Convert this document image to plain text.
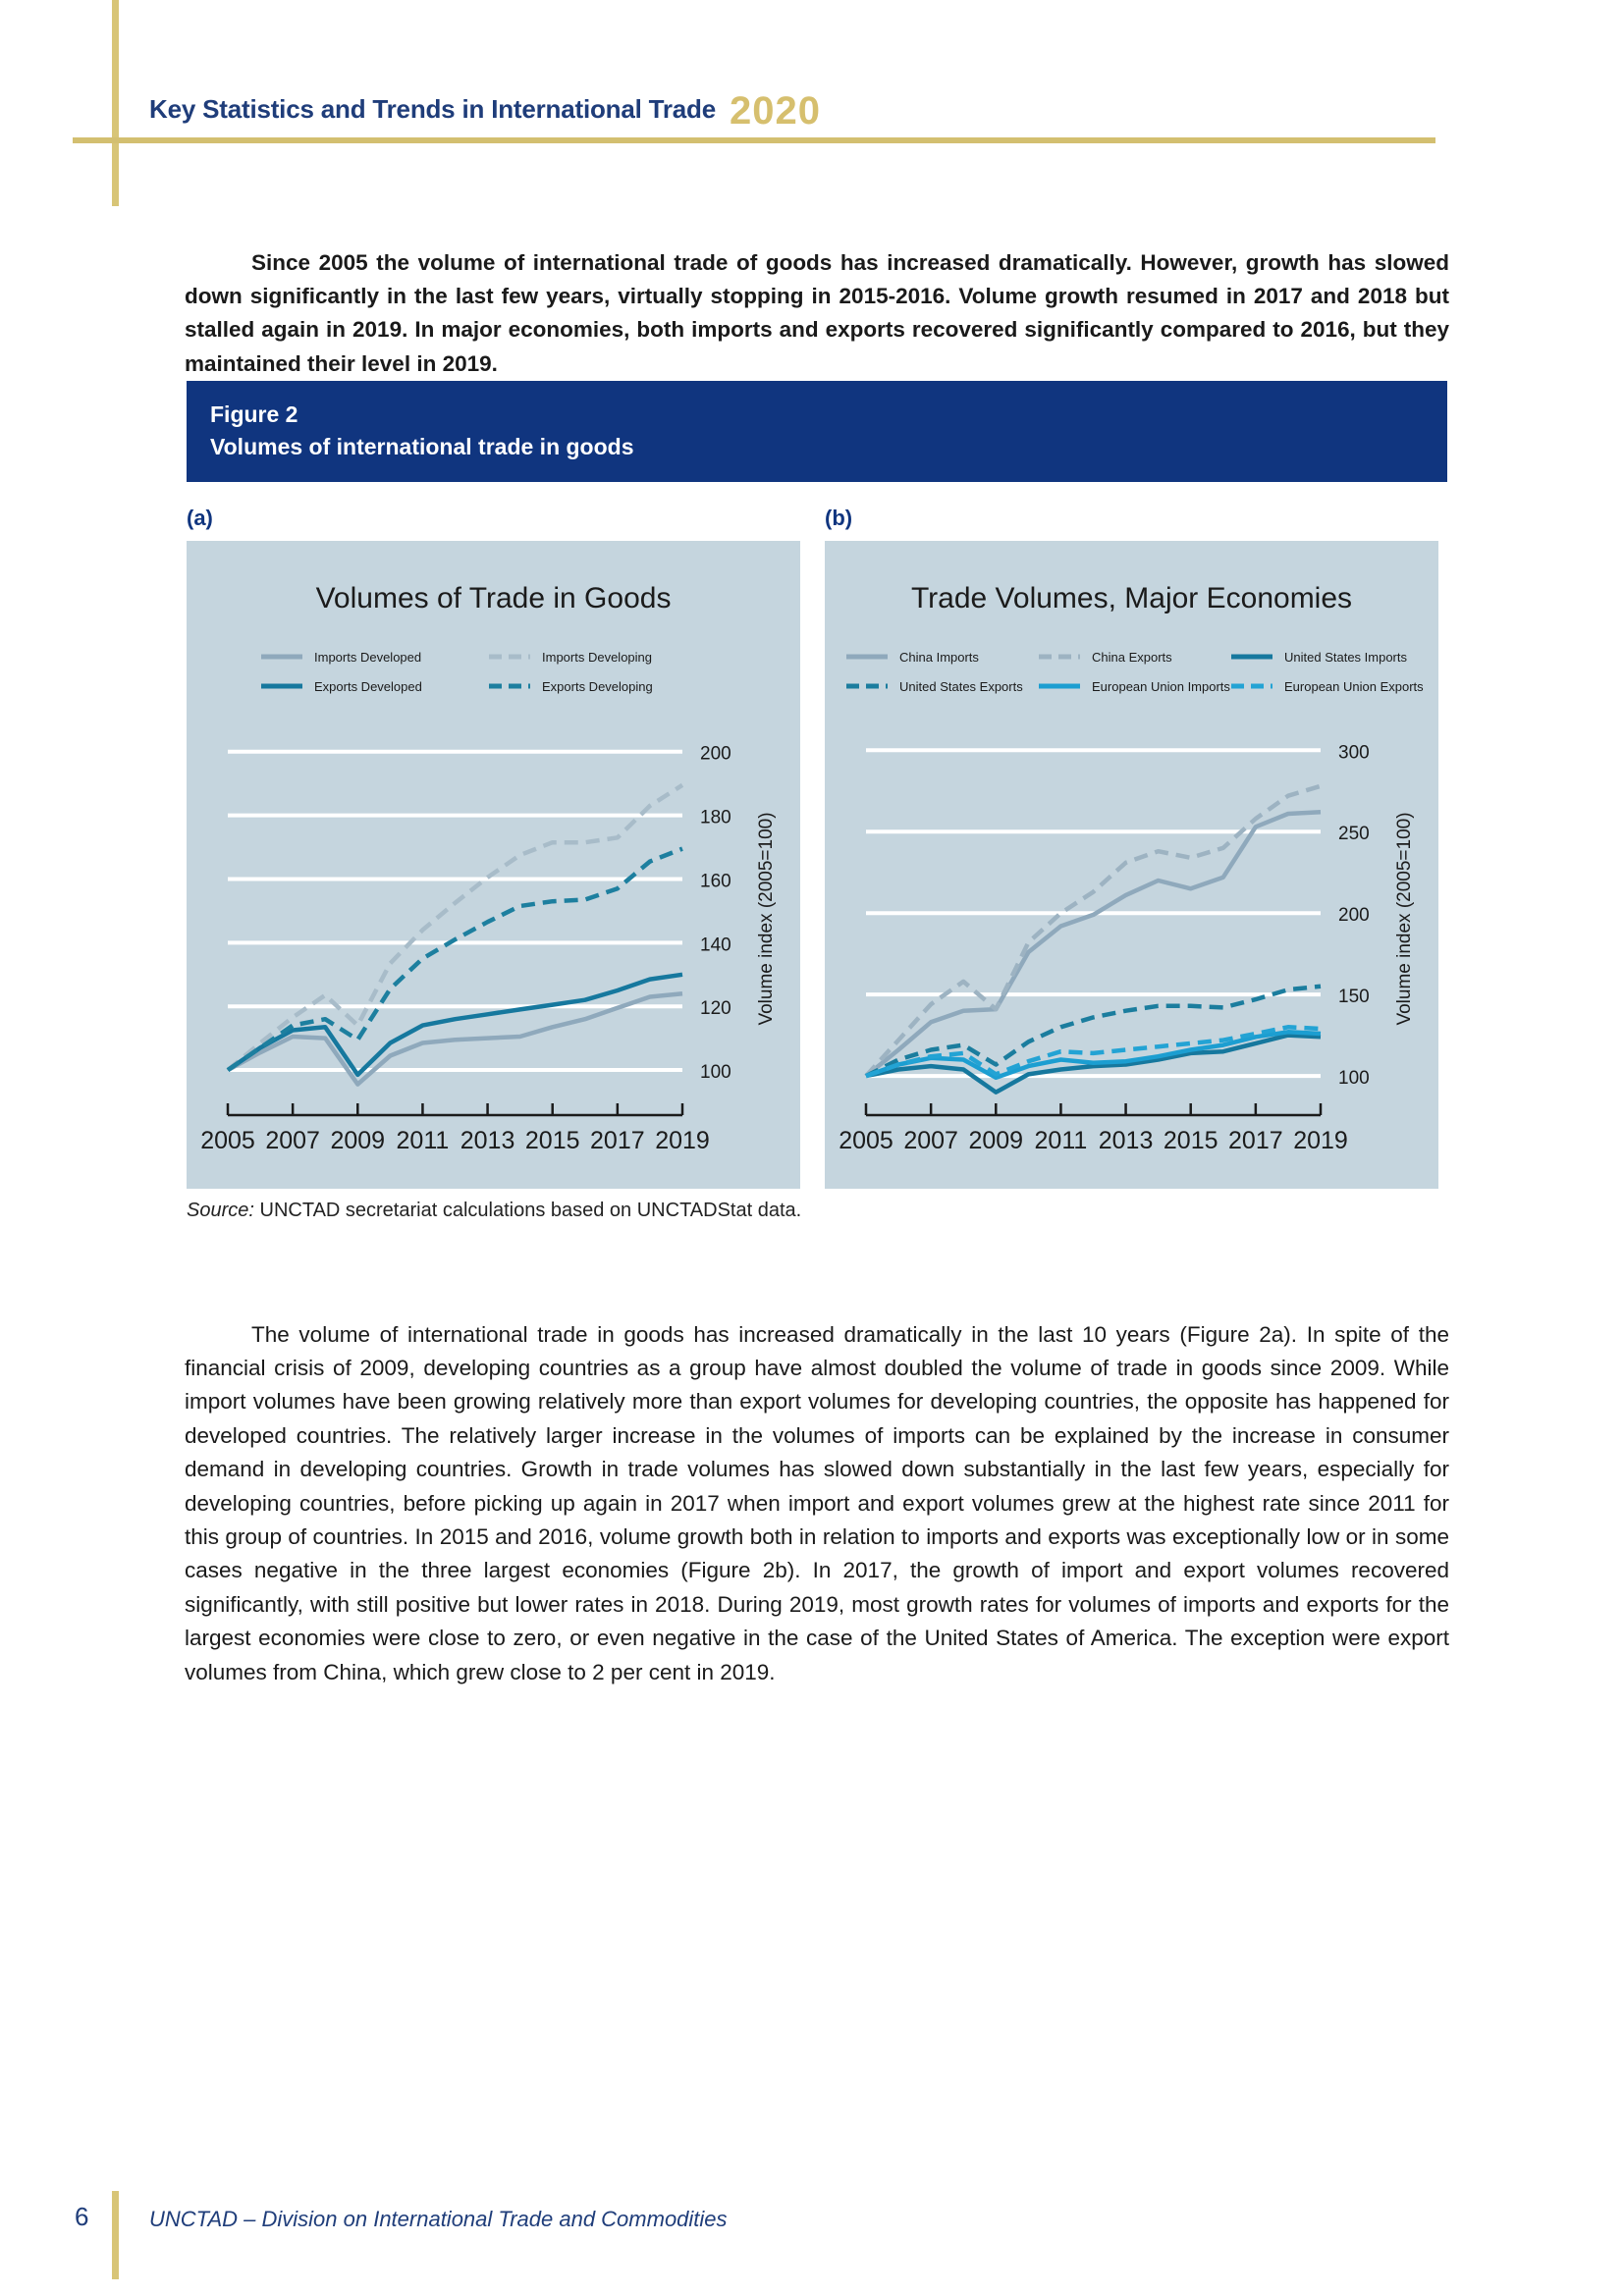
Key Statistics and Trends in International Trade 2020

Since 2005 the volume of international trade of goods has increased dramatically. However, growth has slowed down significantly in the last few years, virtually stopping in 2015-2016. Volume growth resumed in 2017 and 2018 but stalled again in 2019. In major economies, both imports and exports recovered significantly compared to 2016, but they maintained their level in 2019.

Figure 2
Volumes of international trade in goods
(a)	(b)
Volumes of Trade in Goods
Imports Developed	Imports Developing
Exports Developed	Exports Developing
100
120
140
160
180
200
Volume index (2005=100)
2005 2007 2009 2011 2013 2015 2017 2019
Trade Volumes, Major Economies
China Imports	China Exports	United States Imports
United States Exports	European Union Imports	European Union Exports
100
150
200
250
300
Volume index (2005=100)
2005 2007 2009 2011 2013 2015 2017 2019
Source: UNCTAD secretariat calculations based on UNCTADStat data.

The volume of international trade in goods has increased dramatically in the last 10 years (Figure 2a). In spite of the financial crisis of 2009, developing countries as a group have almost doubled the volume of trade in goods since 2009. While import volumes have been growing relatively more than export volumes for developing countries, the opposite has happened for developed countries. The relatively larger increase in the volumes of imports can be explained by the increase in consumer demand in developing countries. Growth in trade volumes has slowed down substantially in the last few years, especially for developing countries, before picking up again in 2017 when import and export volumes grew at the highest rate since 2011 for this group of countries. In 2015 and 2016, volume growth both in relation to imports and exports was exceptionally low or in some cases negative in the three largest economies (Figure 2b). In 2017, the growth of import and export volumes recovered significantly, with still positive but lower rates in 2018. During 2019, most growth rates for volumes of imports and exports for the largest economies were close to zero, or even negative in the case of the United States of America. The exception were export volumes from China, which grew close to 2 per cent in 2019.

6	UNCTAD – Division on International Trade and Commodities
